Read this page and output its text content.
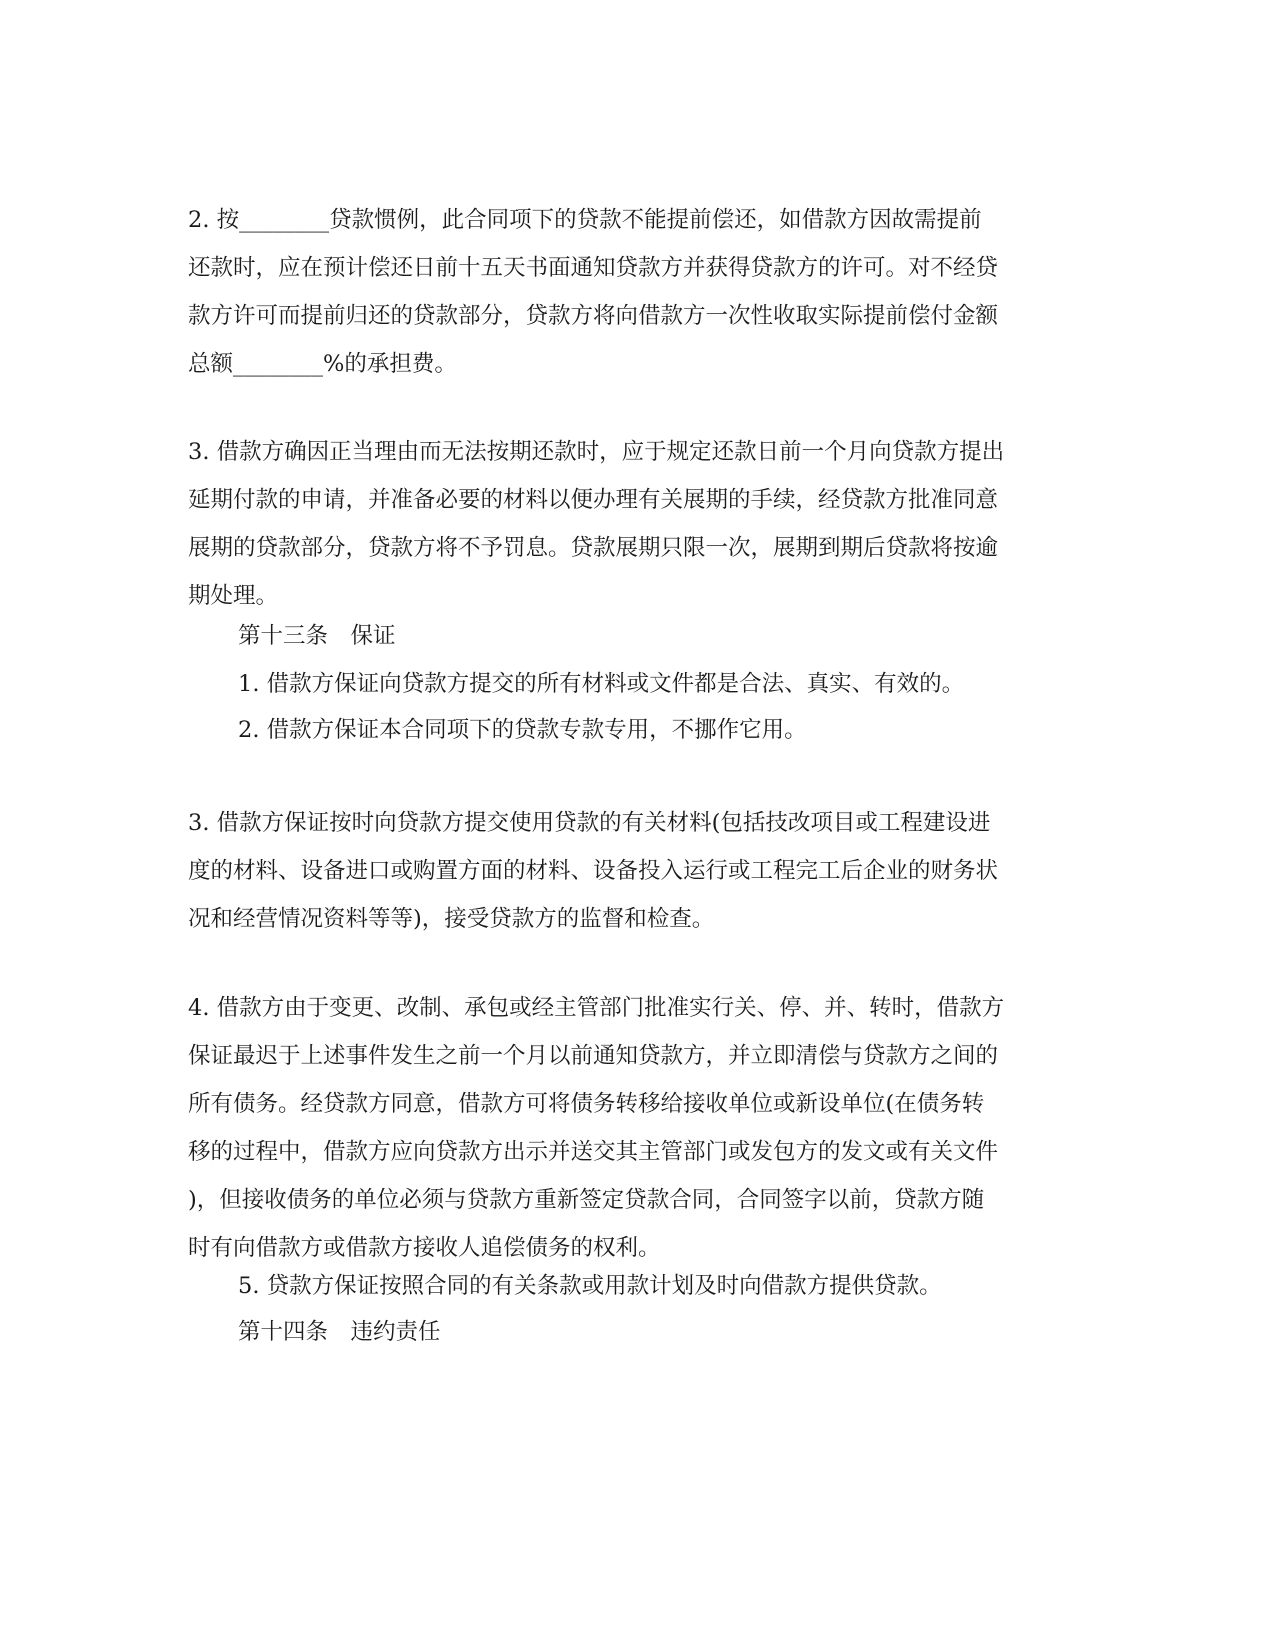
2. 按________贷款惯例，此合同项下的贷款不能提前偿还，如借款方因故需提前
还款时，应在预计偿还日前十五天书面通知贷款方并获得贷款方的许可。对不经贷
款方许可而提前归还的贷款部分，贷款方将向借款方一次性收取实际提前偿付金额
总额________%的承担费。
3. 借款方确因正当理由而无法按期还款时，应于规定还款日前一个月向贷款方提出
延期付款的申请，并准备必要的材料以便办理有关展期的手续，经贷款方批准同意
展期的贷款部分，贷款方将不予罚息。贷款展期只限一次，展期到期后贷款将按逾
期处理。
第十三条　保证
1. 借款方保证向贷款方提交的所有材料或文件都是合法、真实、有效的。
2. 借款方保证本合同项下的贷款专款专用，不挪作它用。
3. 借款方保证按时向贷款方提交使用贷款的有关材料(包括技改项目或工程建设进
度的材料、设备进口或购置方面的材料、设备投入运行或工程完工后企业的财务状
况和经营情况资料等等)，接受贷款方的监督和检查。
4. 借款方由于变更、改制、承包或经主管部门批准实行关、停、并、转时，借款方
保证最迟于上述事件发生之前一个月以前通知贷款方，并立即清偿与贷款方之间的
所有债务。经贷款方同意，借款方可将债务转移给接收单位或新设单位(在债务转
移的过程中，借款方应向贷款方出示并送交其主管部门或发包方的发文或有关文件
)，但接收债务的单位必须与贷款方重新签定贷款合同，合同签字以前，贷款方随
时有向借款方或借款方接收人追偿债务的权利。
5. 贷款方保证按照合同的有关条款或用款计划及时向借款方提供贷款。
第十四条　违约责任
